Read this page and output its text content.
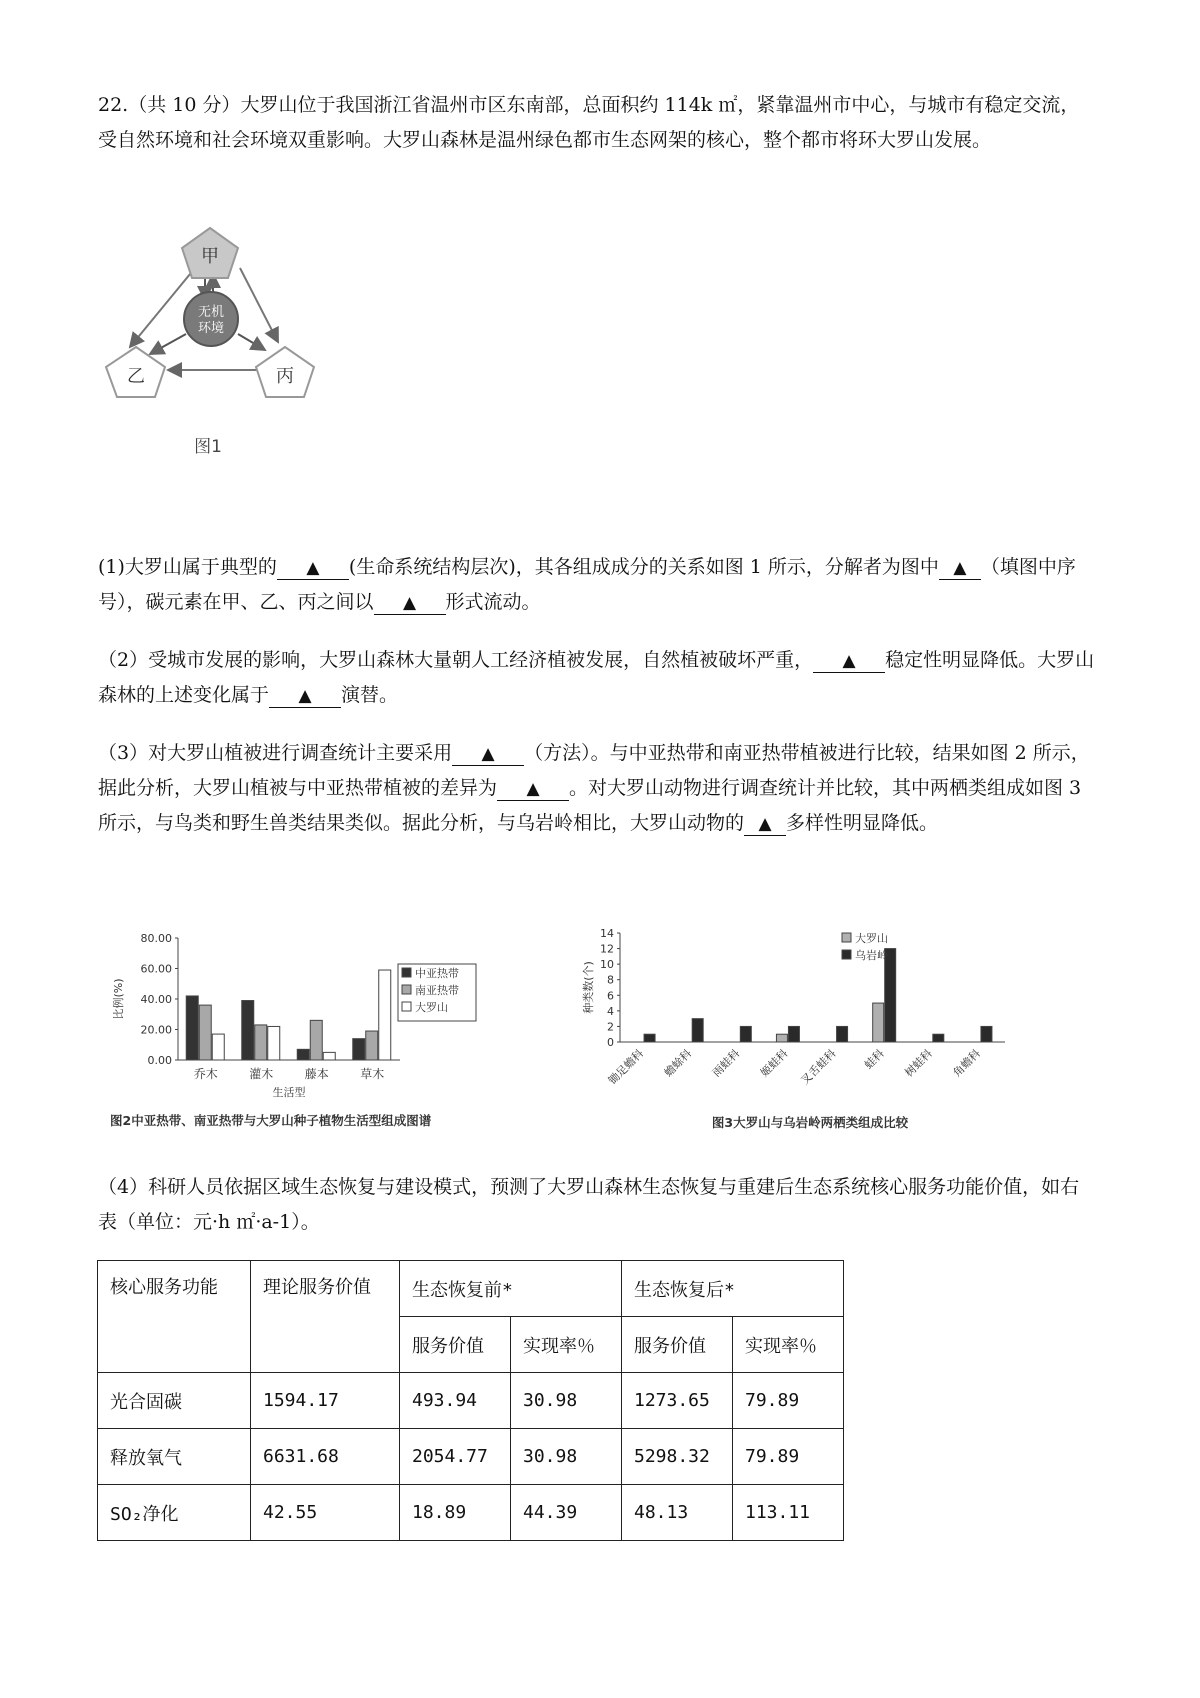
22.（共 10 分）大罗山位于我国浙江省温州市区东南部，总面积约 114k ㎡，紧靠温州市中心，与城市有稳定交流，受自然环境和社会环境双重影响。大罗山森林是温州绿色都市生态网架的核心，整个都市将环大罗山发展。
甲
乙	丙
无机
环境
图1
(1)大罗山属于典型的 ▲ (生命系统结构层次)，其各组成成分的关系如图 1 所示，分解者为图中 ▲ （填图中序号），碳元素在甲、乙、丙之间以 ▲ 形式流动。
（2）受城市发展的影响，大罗山森林大量朝人工经济植被发展，自然植被破坏严重， ▲ 稳定性明显降低。大罗山森林的上述变化属于 ▲ 演替。
（3）对大罗山植被进行调查统计主要采用 ▲ （方法）。与中亚热带和南亚热带植被进行比较，结果如图 2 所示，据此分析，大罗山植被与中亚热带植被的差异为 ▲ 。对大罗山动物进行调查统计并比较，其中两栖类组成如图 3 所示，与鸟类和野生兽类结果类似。据此分析，与乌岩岭相比，大罗山动物的 ▲ 多样性明显降低。
80.00
60.00
40.00
20.00
0.00
比例(%)
乔木	灌木	藤本	草木
生活型
中亚热带
南亚热带
大罗山
图2中亚热带、南亚热带与大罗山种子植物生活型组成图谱
14
12
10
8
6
4
2
0
种类数(个)
锄足蟾科 蟾蜍科 雨蛙科 姬蛙科 叉舌蛙科 蛙科 树蛙科 角蟾科
大罗山
乌岩岭
图3大罗山与乌岩岭两栖类组成比较
（4）科研人员依据区域生态恢复与建设模式，预测了大罗山森林生态恢复与重建后生态系统核心服务功能价值，如右表（单位：元·h ㎡·a-1）。
核心服务功能	理论服务价值	生态恢复前*		生态恢复后*	
		服务价值	实现率％	服务价值	实现率％
光合固碳	1594.17	493.94	30.98	1273.65	79.89
释放氧气	6631.68	2054.77	30.98	5298.32	79.89
SO₂净化	42.55	18.89	44.39	48.13	113.11
